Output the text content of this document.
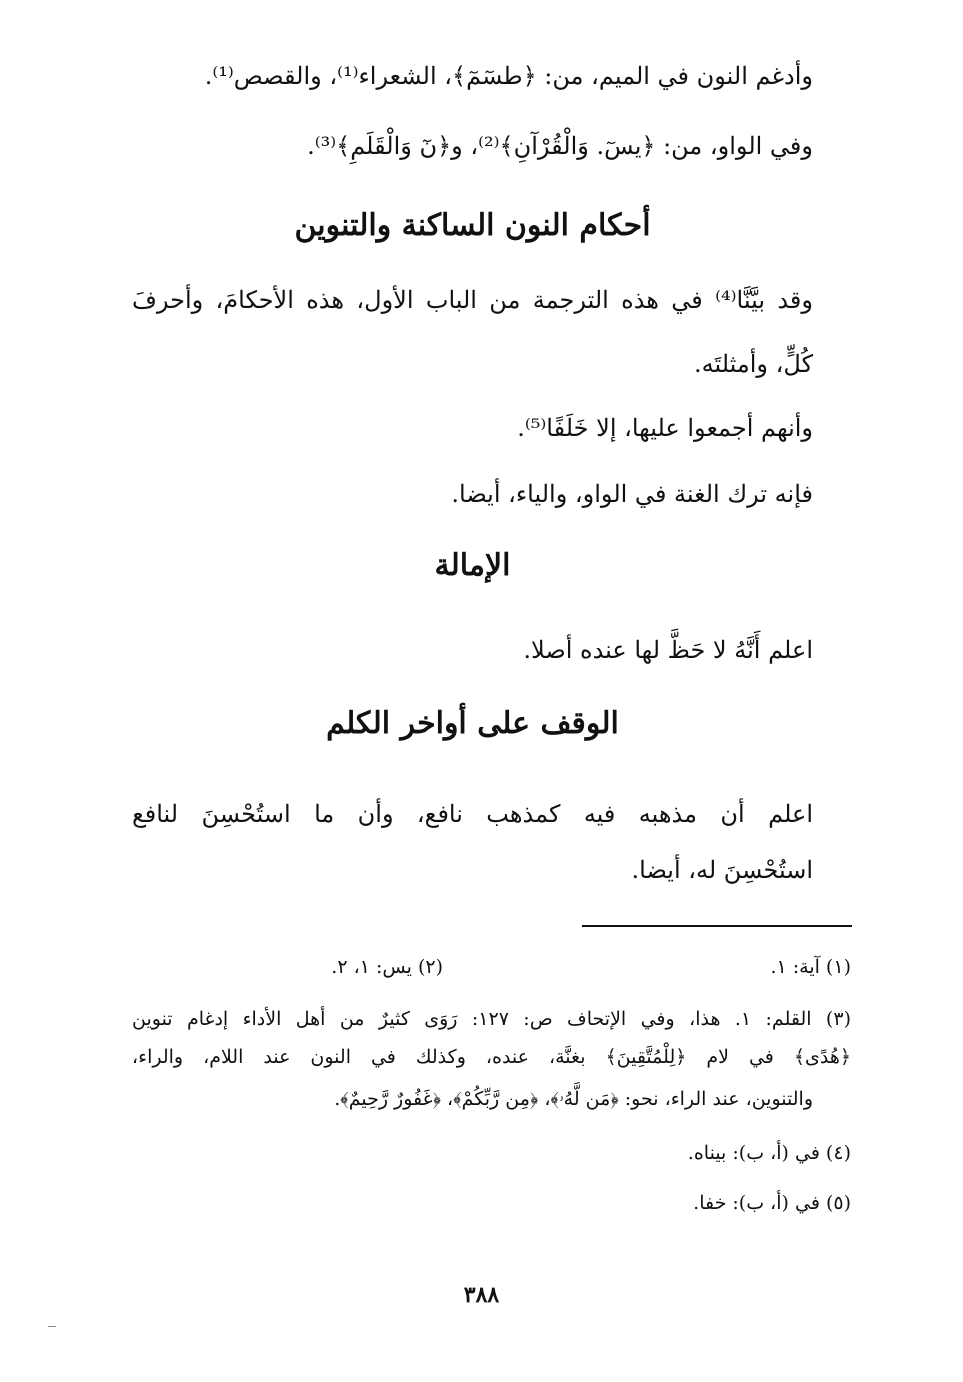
وأدغم النون في الميم، من: ﴿طسٓمٓ﴾، الشعراء⁽¹⁾، والقصص⁽¹⁾.
وفي الواو، من: ﴿يسٓ. وَالْقُرْآنِ﴾⁽²⁾، و﴿نٓ وَالْقَلَمِ﴾⁽³⁾.
أحكام النون الساكنة والتنوين
وقد بيَّنَّا⁽⁴⁾ في هذه الترجمة من الباب الأول، هذه الأحكامَ، وأحرفَ
كُلٍّ، وأمثلتَه.
وأنهم أجمعوا عليها، إلا خَلَفًا⁽⁵⁾.
فإنه ترك الغنة في الواو، والياء، أيضا.
الإمالة
اعلم أَنَّهُ لا حَظَّ لها عنده أصلا.
الوقف على أواخر الكلم
اعلم أن مذهبه فيه كمذهب نافع، وأن ما استُحْسِنَ لنافع
استُحْسِنَ له، أيضا.
(١) آية: ١.
(٢) يس: ١، ٢.
(٣) القلم: ١. هذا، وفي الإتحاف ص: ١٢٧: رَوَى كثيرٌ من أهل الأداء إدغام تنوين
﴿هُدًى﴾ في لام ﴿لِلْمُتَّقِينَ﴾ بغنَّة، عنده، وكذلك في النون عند اللام، والراء،
والتنوين، عند الراء، نحو: ﴿مَن لَّهُۥ﴾، ﴿مِن رَّبِّكُمْ﴾، ﴿غَفُورٌ رَّحِيمٌ﴾.
(٤) في (أ، ب): بيناه.
(٥) في (أ، ب): خفا.
٣٨٨
